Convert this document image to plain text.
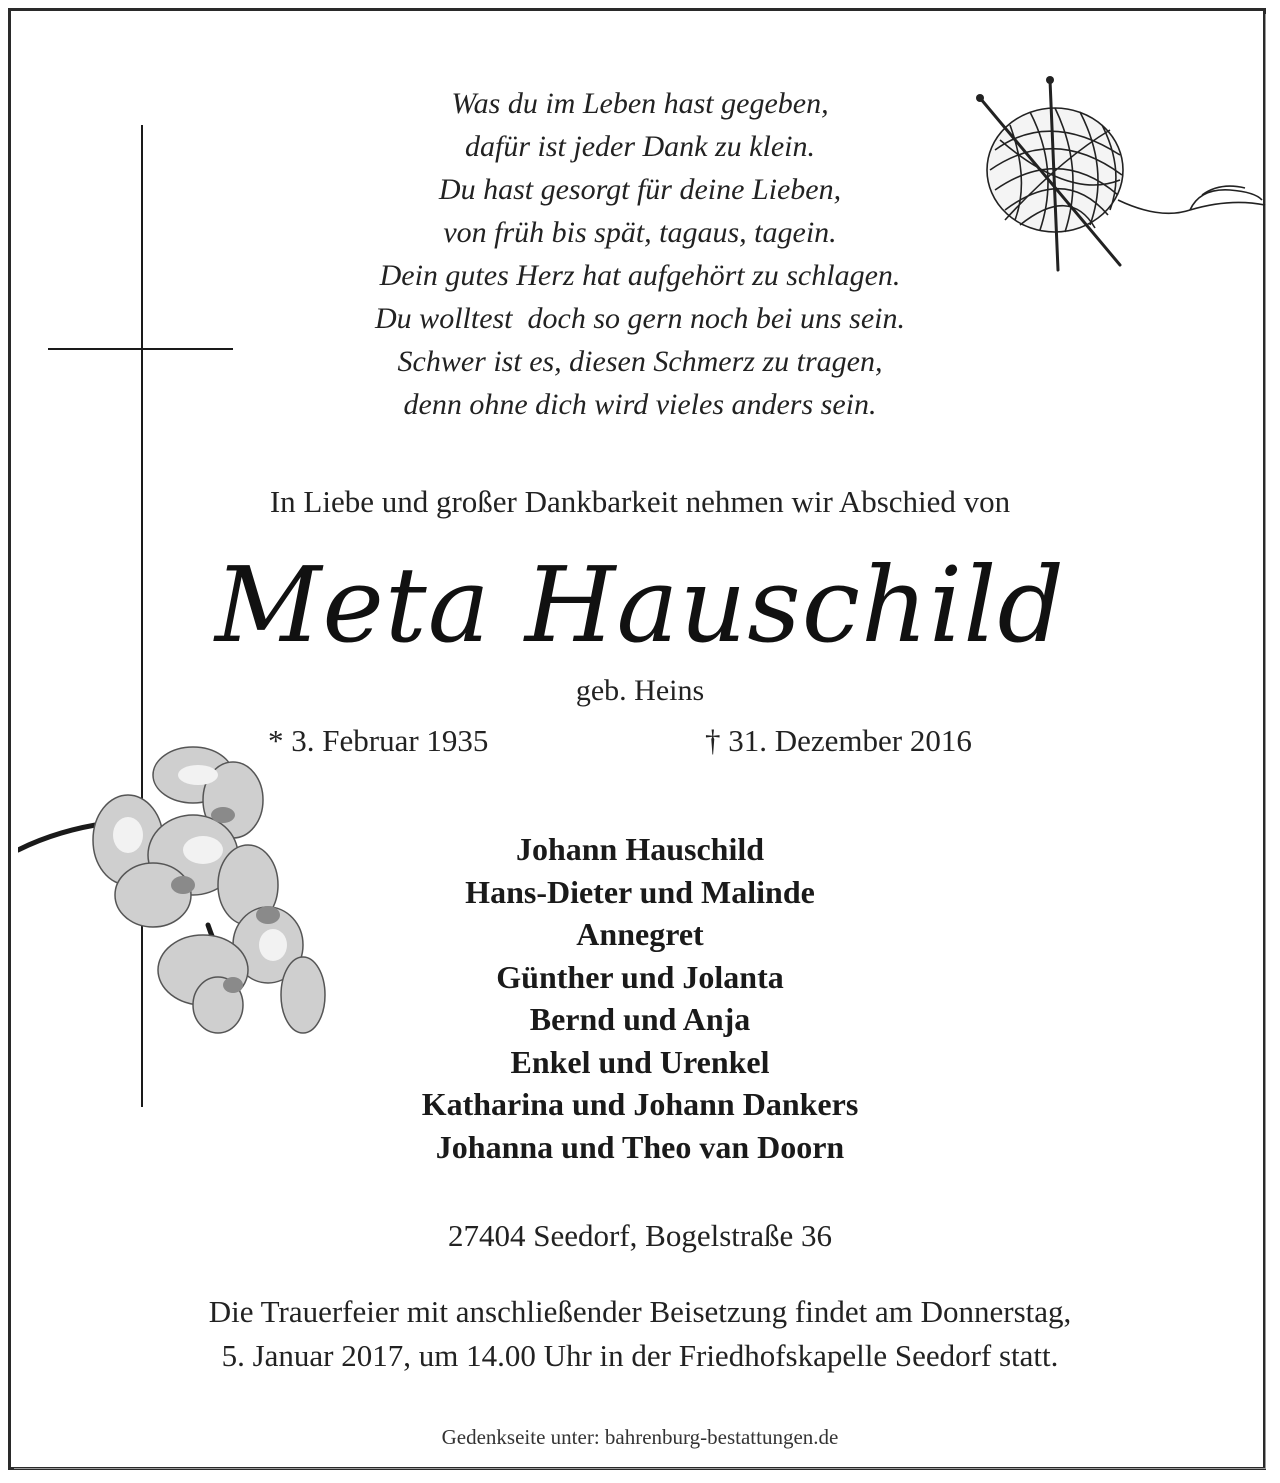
Was du im Leben hast gegeben,
dafür ist jeder Dank zu klein.
Du hast gesorgt für deine Lieben,
von früh bis spät, tagaus, tagein.
Dein gutes Herz hat aufgehört zu schlagen.
Du wolltest  doch so gern noch bei uns sein.
Schwer ist es, diesen Schmerz zu tragen,
denn ohne dich wird vieles anders sein.
In Liebe und großer Dankbarkeit nehmen wir Abschied von
Meta Hauschild
geb. Heins
* 3. Februar 1935	† 31. Dezember 2016
Johann Hauschild
Hans-Dieter und Malinde
Annegret
Günther und Jolanta
Bernd und Anja
Enkel und Urenkel
Katharina und Johann Dankers
Johanna und Theo van Doorn
27404 Seedorf, Bogelstraße 36
Die Trauerfeier mit anschließender Beisetzung findet am Donnerstag,
5. Januar 2017, um 14.00 Uhr in der Friedhofskapelle Seedorf statt.
Gedenkseite unter: bahrenburg-bestattungen.de
